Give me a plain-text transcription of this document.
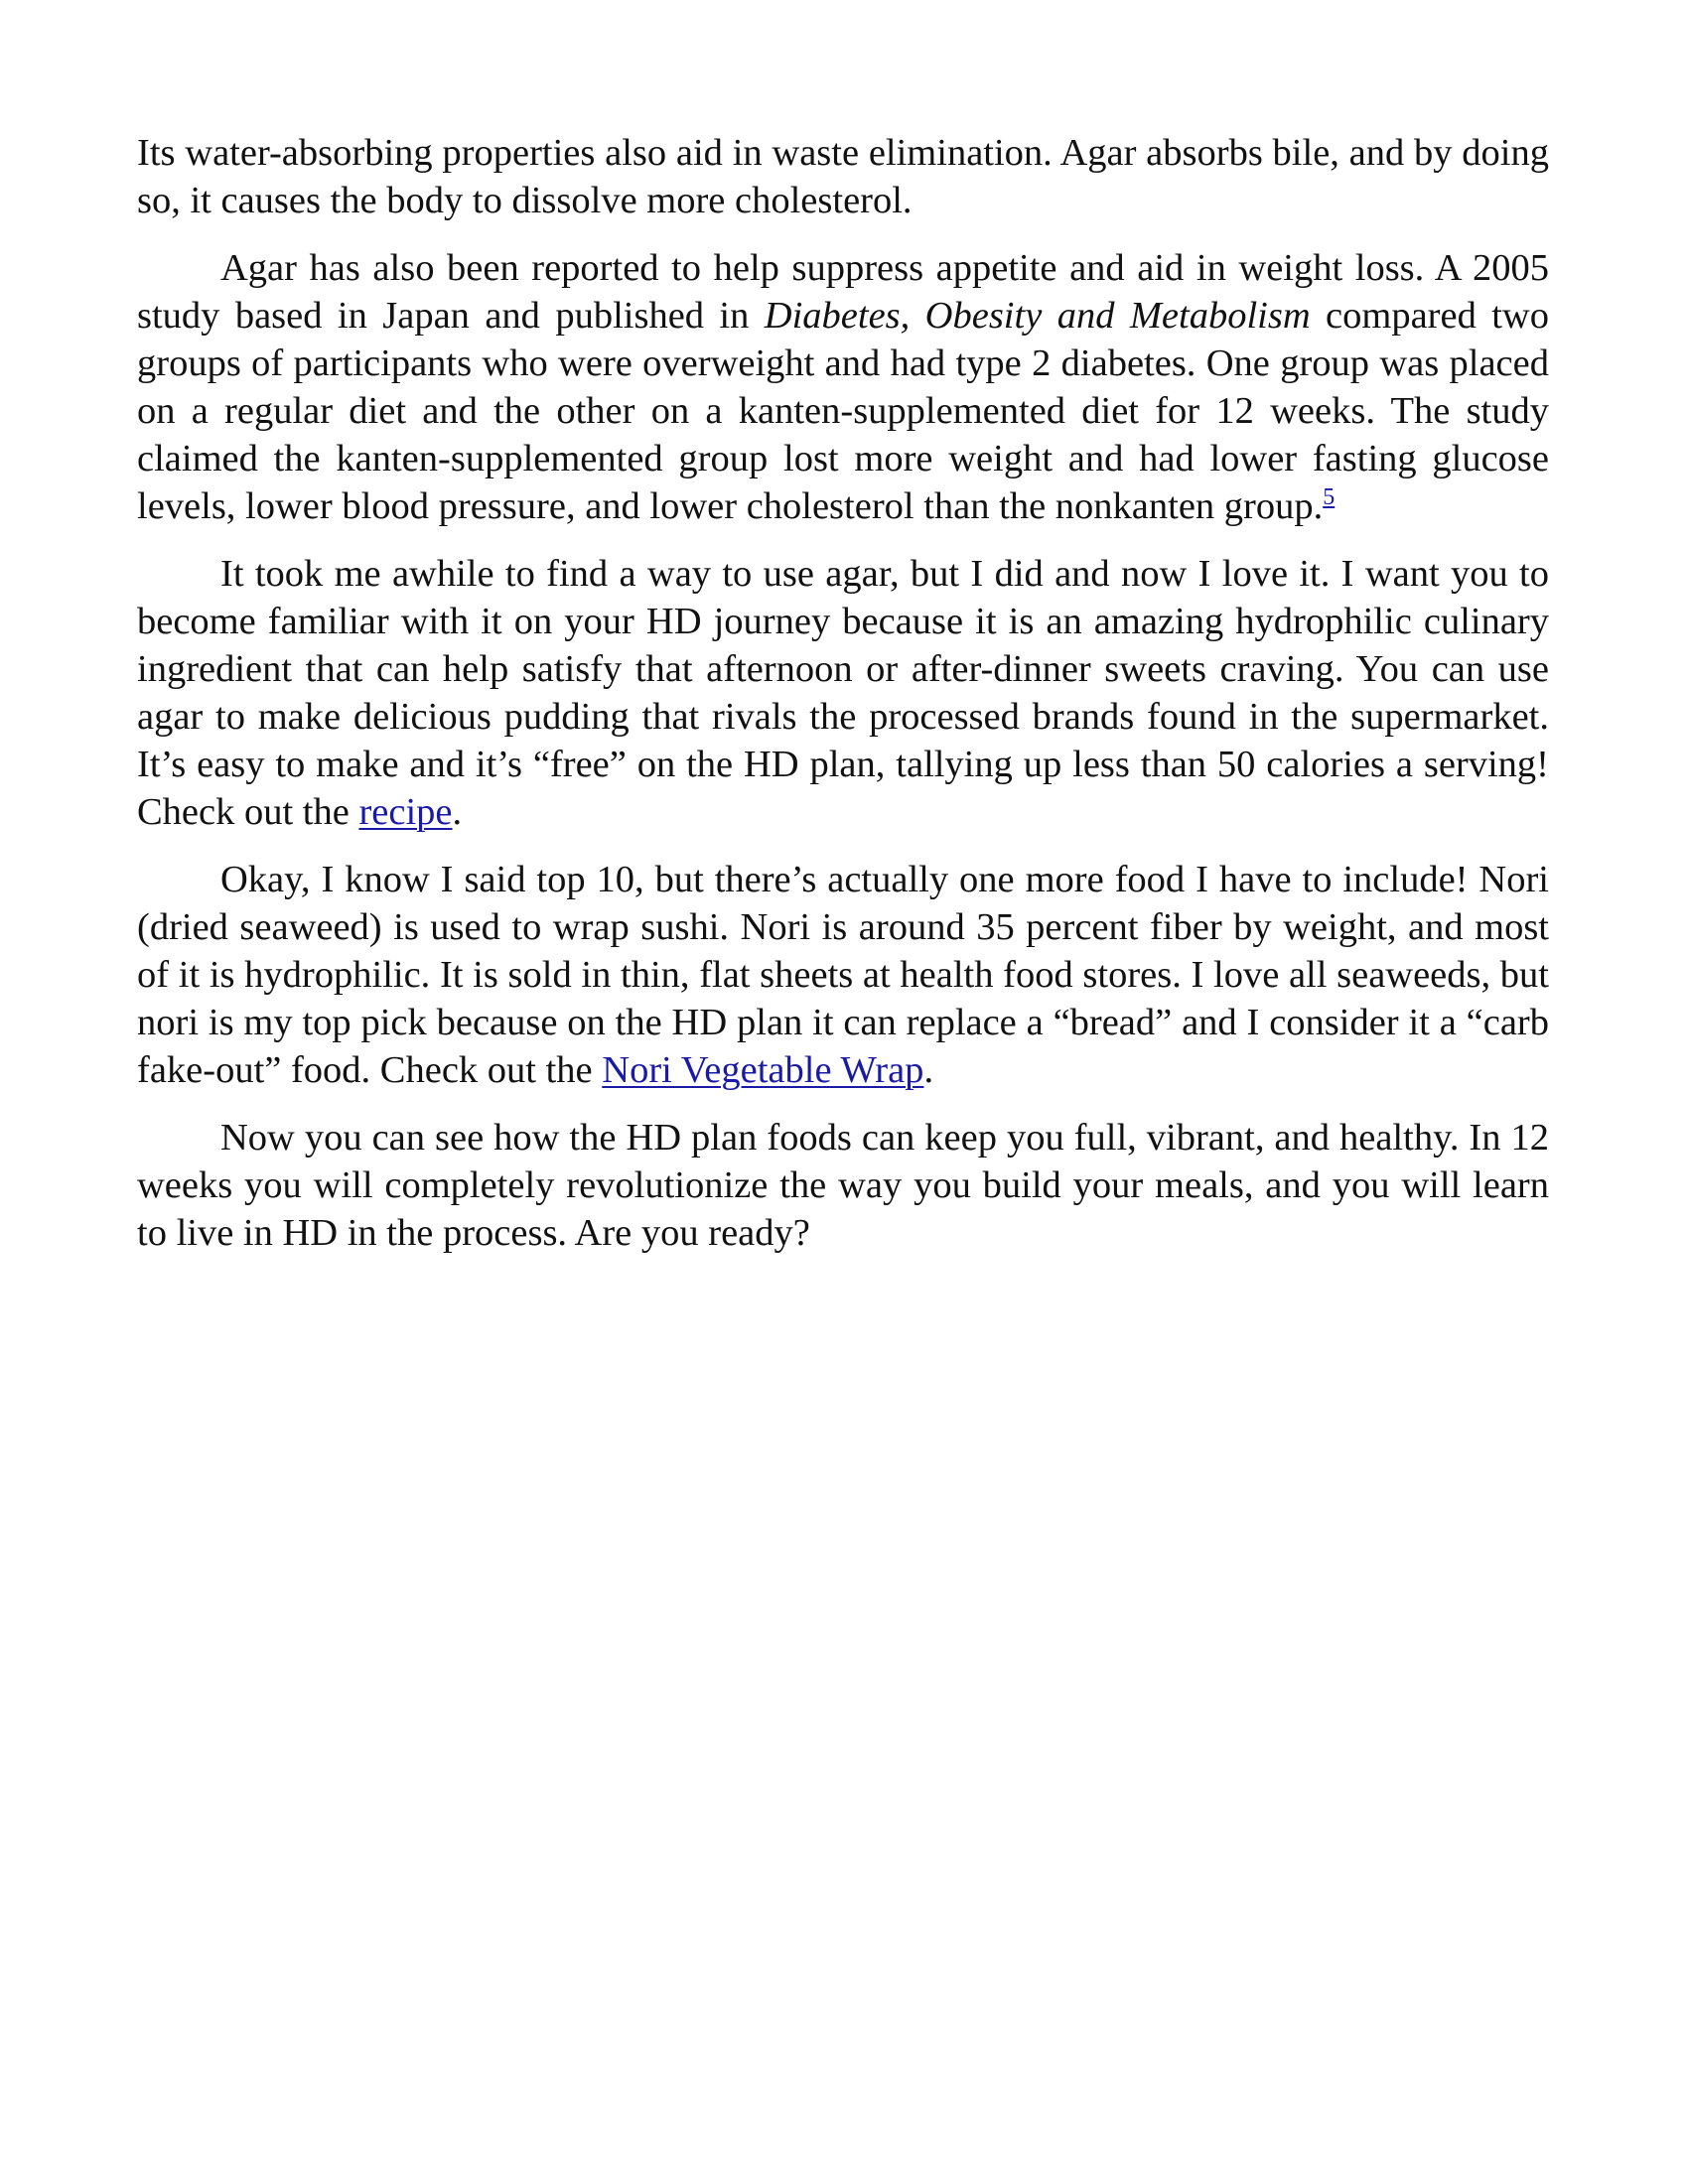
Its water-absorbing properties also aid in waste elimination. Agar absorbs bile, and by doing so, it causes the body to dissolve more cholesterol.

Agar has also been reported to help suppress appetite and aid in weight loss. A 2005 study based in Japan and published in Diabetes, Obesity and Metabolism compared two groups of participants who were overweight and had type 2 diabetes. One group was placed on a regular diet and the other on a kanten-supplemented diet for 12 weeks. The study claimed the kanten-supplemented group lost more weight and had lower fasting glucose levels, lower blood pressure, and lower cholesterol than the nonkanten group.$^5$

It took me awhile to find a way to use agar, but I did and now I love it. I want you to become familiar with it on your HD journey because it is an amazing hydrophilic culinary ingredient that can help satisfy that afternoon or after-dinner sweets craving. You can use agar to make delicious pudding that rivals the processed brands found in the supermarket. It’s easy to make and it’s “free” on the HD plan, tallying up less than 50 calories a serving! Check out the recipe.

Okay, I know I said top 10, but there’s actually one more food I have to include! Nori (dried seaweed) is used to wrap sushi. Nori is around 35 percent fiber by weight, and most of it is hydrophilic. It is sold in thin, flat sheets at health food stores. I love all seaweeds, but nori is my top pick because on the HD plan it can replace a “bread” and I consider it a “carb fake-out” food. Check out the Nori Vegetable Wrap.

Now you can see how the HD plan foods can keep you full, vibrant, and healthy. In 12 weeks you will completely revolutionize the way you build your meals, and you will learn to live in HD in the process. Are you ready?
